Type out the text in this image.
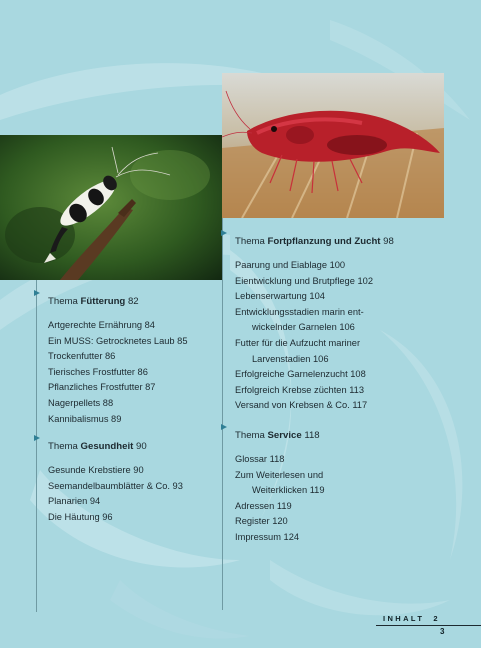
Thema Fütterung 82
Artgerechte Ernährung 84
Ein MUSS: Getrocknetes Laub 85
Trockenfutter 86
Tierisches Frostfutter 86
Pflanzliches Frostfutter 87
Nagerpellets 88
Kannibalismus 89
Thema Gesundheit 90
Gesunde Krebstiere 90
Seemandelbaumblätter & Co. 93
Planarien 94
Die Häutung 96
Thema Fortpflanzung und Zucht 98
Paarung und Eiablage 100
Eientwicklung und Brutpflege 102
Lebenserwartung 104
Entwicklungsstadien marin ent-
wickelnder Garnelen 106
Futter für die Aufzucht mariner
Larvenstadien 106
Erfolgreiche Garnelenzucht 108
Erfolgreich Krebse züchten 113
Versand von Krebsen & Co. 117
Thema Service 118
Glossar 118
Zum Weiterlesen und
Weiterklicken 119
Adressen 119
Register 120
Impressum 124
INHALT 2
3
